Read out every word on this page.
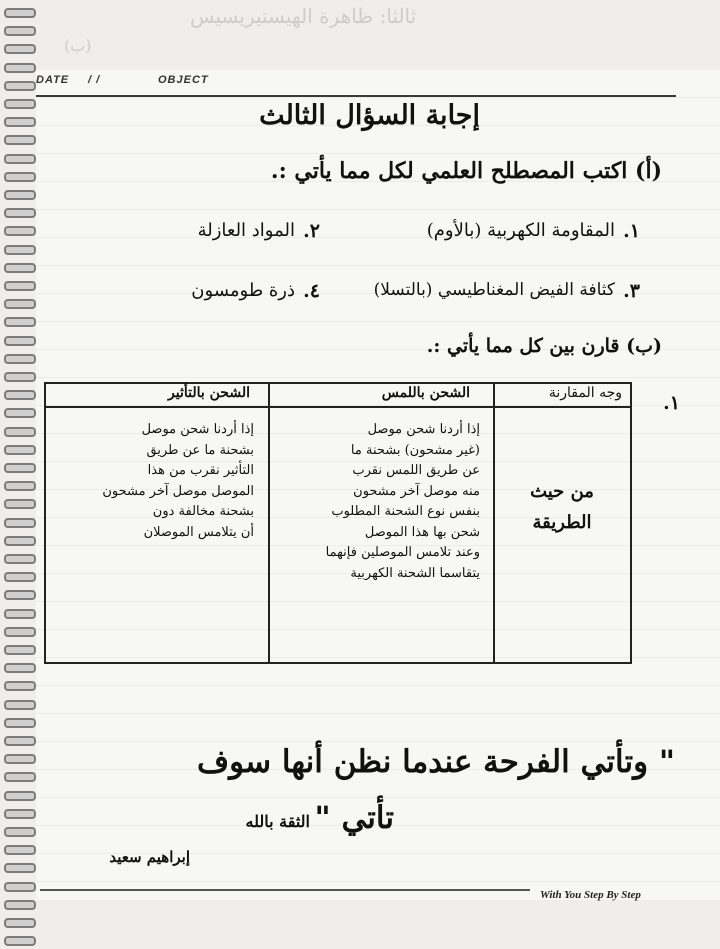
ثالثا: ظاهرة الهيستيريسيس
(ب)
DATE / /	OBJECT
إجابة السؤال الثالث
(أ) اكتب المصطلح العلمي لكل مما يأتي :.
١.
المقاومة الكهربية (بالأوم)
٢.
المواد العازلة
٣.
كثافة الفيض المغناطيسي (بالتسلا)
٤.
ذرة طومسون
(ب) قارن بين كل مما يأتي :.
١.
وجه المقارنة
الشحن باللمس
الشحن بالتأثير
من حيث الطريقة
إذا أردنا شحن موصل
(غير مشحون) بشحنة ما
عن طريق اللمس نقرب
منه موصل آخر مشحون
بنفس نوع الشحنة المطلوب
شحن بها هذا الموصل
وعند تلامس الموصلين فإنهما
يتقاسما الشحنة الكهربية
إذا أردنا شحن موصل
بشحنة ما عن طريق
التأثير نقرب من هذا
الموصل موصل آخر مشحون
بشحنة مخالفة دون
أن يتلامس الموصلان
" وتأتي الفرحة عندما نظن أنها سوف
تأتي "
الثقة بالله
إبراهيم سعيد
With You Step By Step
